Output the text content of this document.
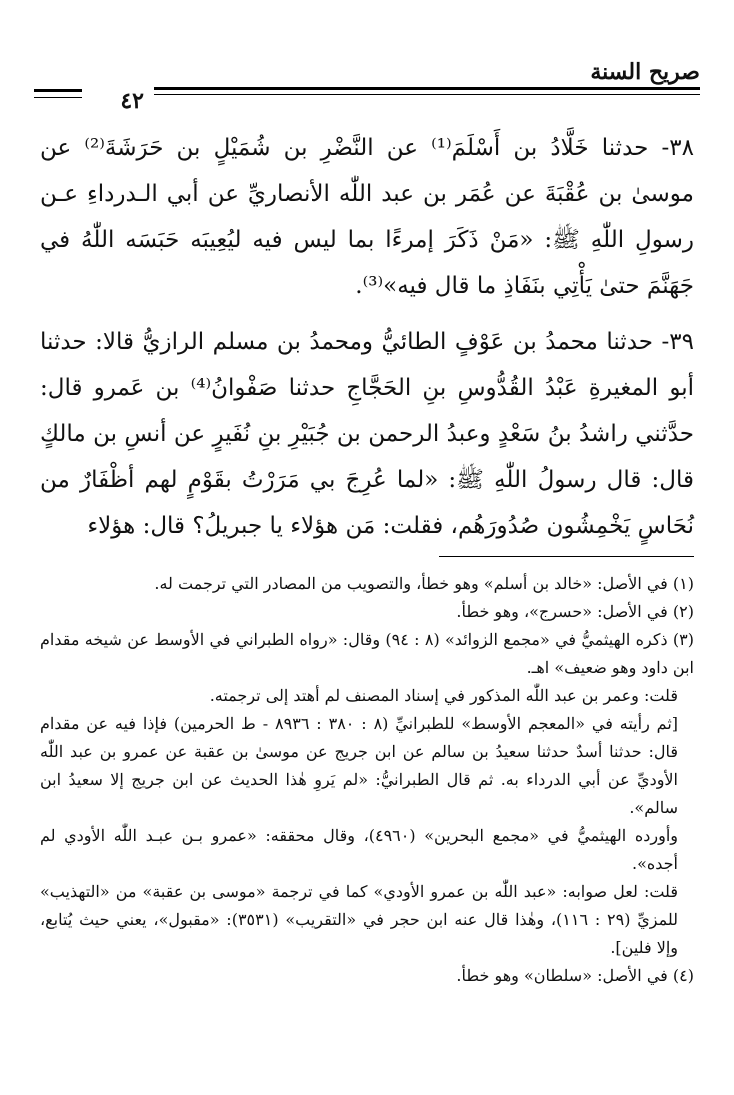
صريح السنة
٤٢

٣٨- حدثنا خَلَّادُ بن أَسْلَمَ⁽¹⁾ عن النَّضْرِ بن شُمَيْلٍ بن حَرَشَةَ⁽²⁾ عن موسىٰ بن عُقْبَةَ عن عُمَر بن عبد اللّٰه الأنصاريِّ عن أبي الـدرداءِ عـن رسولِ اللّٰهِ ﷺ: «مَنْ ذَكَرَ إمرءًا بما ليس فيه ليُعِيبَه حَبَسَه اللّٰهُ في جَهَنَّمَ حتىٰ يَأْتِي بنَفَاذِ ما قال فيه»⁽³⁾.

٣٩- حدثنا محمدُ بن عَوْفٍ الطائيُّ ومحمدُ بن مسلم الرازيُّ قالا: حدثنا أبو المغيرةِ عَبْدُ القُدُّوسِ بنِ الحَجَّاجِ حدثنا صَفْوانُ⁽⁴⁾ بن عَمرو قال: حدَّثني راشدُ بنُ سَعْدٍ وعبدُ الرحمن بن جُبَيْرِ بنِ نُفَيرٍ عن أنسِ بن مالكٍ قال: قال رسولُ اللّٰهِ ﷺ: «لما عُرِجَ بي مَرَرْتُ بقَوْمٍ لهم أظْفَارٌ من نُحَاسٍ يَخْمِشُون صُدُورَهُم، فقلت: مَن هؤلاء يا جبريلُ؟ قال: هؤلاء

(١) في الأصل: «خالد بن أسلم» وهو خطأ، والتصويب من المصادر التي ترجمت له.

(٢) في الأصل: «حسرج»، وهو خطأ.

(٣) ذكره الهيثميُّ في «مجمع الزوائد» (٨ : ٩٤) وقال: «رواه الطبراني في الأوسط عن شيخه مقدام ابن داود وهو ضعيف» اهـ.

قلت: وعمر بن عبد اللّٰه المذكور في إسناد المصنف لم أهتد إلى ترجمته.

[ثم رأيته في «المعجم الأوسط» للطبرانيِّ (٨ : ٣٨٠ : ٨٩٣٦ - ط الحرمين) فإذا فيه عن مقدام قال: حدثنا أسدٌ حدثنا سعيدُ بن سالم عن ابن جريج عن موسىٰ بن عقبة عن عمرو بن عبد اللّٰه الأوديِّ عن أبي الدرداء به. ثم قال الطبرانيُّ: «لم يَروِ هٰذا الحديث عن ابن جريج إلا سعيدُ ابن سالم».

وأورده الهيثميُّ في «مجمع البحرين» (٤٩٦٠)، وقال محققه: «عمرو بـن عبـد اللّٰه الأودي لم أجده».

قلت: لعل صوابه: «عبد اللّٰه بن عمرو الأودي» كما في ترجمة «موسى بن عقبة» من «التهذيب» للمزيِّ (٢٩ : ١١٦)، وهٰذا قال عنه ابن حجر في «التقريب» (٣٥٣١): «مقبول»، يعني حيث يُتابع، وإلا فلين].

(٤) في الأصل: «سلطان» وهو خطأ.
